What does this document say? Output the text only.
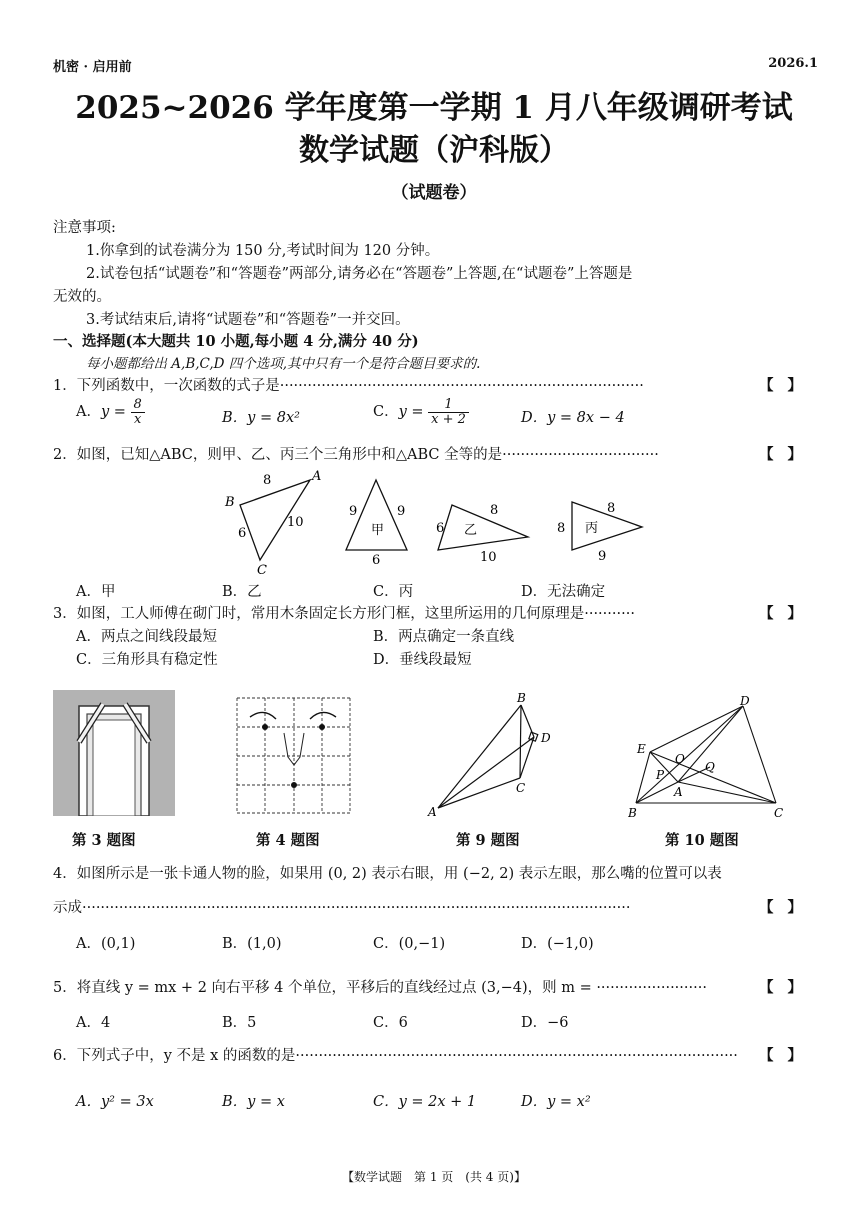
机密 · 启用前	2026.1
2025~2026 学年度第一学期 1 月八年级调研考试
数学试题（沪科版）
（试题卷）
注意事项:
1.你拿到的试卷满分为 150 分,考试时间为 120 分钟。
2.试卷包括“试题卷”和“答题卷”两部分,请务必在“答题卷”上答题,在“试题卷”上答题是
无效的。
3.考试结束后,请将“试题卷”和“答题卷”一并交回。
一、选择题(本大题共 10 小题,每小题 4 分,满分 40 分)
每小题都给出 A,B,C,D 四个选项,其中只有一个是符合题目要求的.
1．下列函数中，一次函数的式子是···············································································	【】
A．$y = \frac{8}{x}$	B．y = 8x²	C．$y = \frac{1}{x + 2}$	D．y = 8x − 4
2．如图，已知△ABC，则甲、乙、丙三个三角形中和△ABC 全等的是··································	【】
B
A
C
8
6
10
9	9
6
甲	6
8
10
乙	8
8
9
丙
A．甲	B．乙	C．丙	D．无法确定
3．如图，工人师傅在砌门时，常用木条固定长方形门框，这里所运用的几何原理是···········	【】
A．两点之间线段最短	B．两点确定一条直线
C．三角形具有稳定性	D．垂线段最短
A
B
C
D
B	C
D
E
A
O
P
Q
第 3 题图	第 4 题图	第 9 题图	第 10 题图
4．如图所示是一张卡通人物的脸，如果用 (0, 2) 表示右眼，用 (−2, 2) 表示左眼，那么嘴的位置可以表
示成·······················································································································	【】
A．(0,1)	B．(1,0)	C．(0,−1)	D．(−1,0)
5．将直线 y = mx + 2 向右平移 4 个单位，平移后的直线经过点 (3,−4)，则 m = ························	【】
A．4	B．5	C．6	D．−6
6．下列式子中，y 不是 x 的函数的是································································································	【】
A．y² = 3x	B．y = x	C．y = 2x + 1	D．y = x²
【数学试题　第 1 页　(共 4 页)】
